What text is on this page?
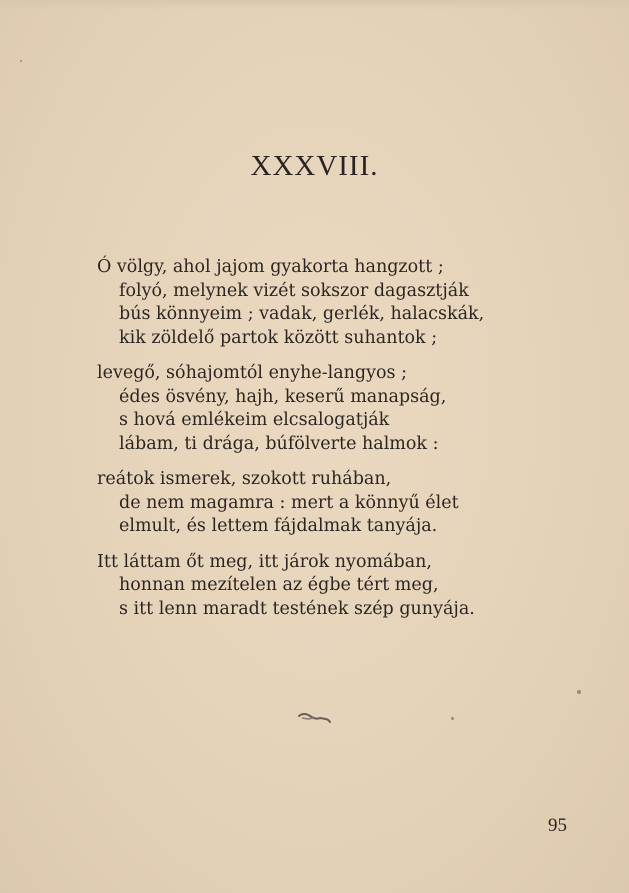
XXXVIII.
Ó völgy, ahol jajom gyakorta hangzott ;
folyó, melynek vizét sokszor dagasztják
bús könnyeim ; vadak, gerlék, halacskák,
kik zöldelő partok között suhantok ;
levegő, sóhajomtól enyhe-langyos ;
édes ösvény, hajh, keserű manapság,
s hová emlékeim elcsalogatják
lábam, ti drága, búfölverte halmok :
reátok ismerek, szokott ruhában,
de nem magamra : mert a könnyű élet
elmult, és lettem fájdalmak tanyája.
Itt láttam őt meg, itt járok nyomában,
honnan mezítelen az égbe tért meg,
s itt lenn maradt testének szép gunyája.
95
